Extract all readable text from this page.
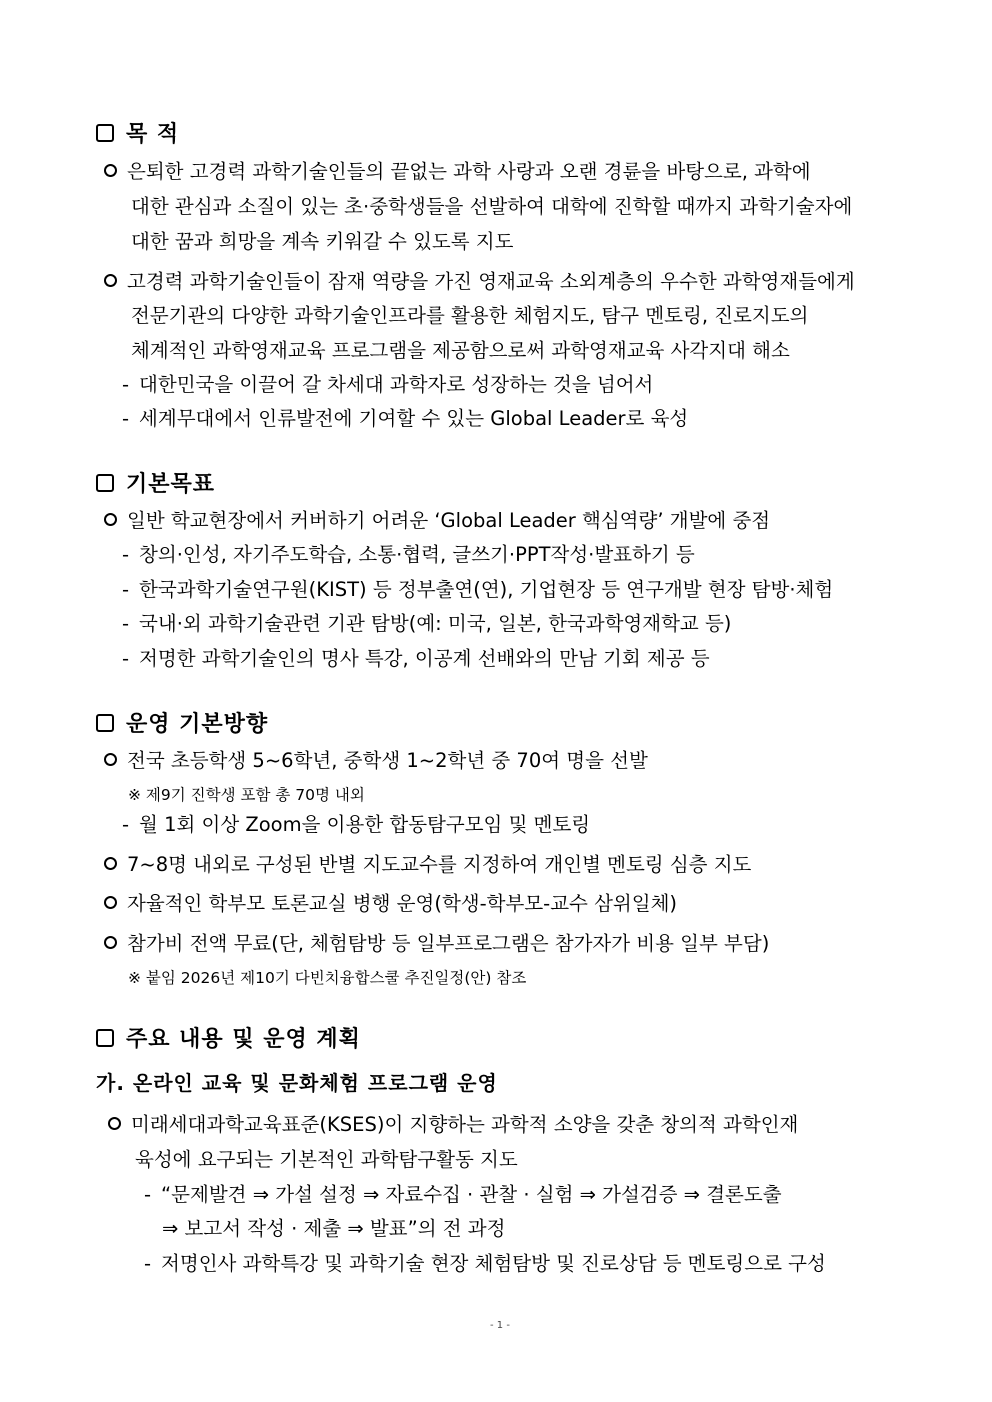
목 적
은퇴한 고경력 과학기술인들의 끝없는 과학 사랑과 오랜 경륜을 바탕으로, 과학에
대한 관심과 소질이 있는 초·중학생들을 선발하여 대학에 진학할 때까지 과학기술자에
대한 꿈과 희망을 계속 키워갈 수 있도록 지도
고경력 과학기술인들이 잠재 역량을 가진 영재교육 소외계층의 우수한 과학영재들에게
전문기관의 다양한 과학기술인프라를 활용한 체험지도, 탐구 멘토링, 진로지도의
체계적인 과학영재교육 프로그램을 제공함으로써 과학영재교육 사각지대 해소
- 대한민국을 이끌어 갈 차세대 과학자로 성장하는 것을 넘어서
- 세계무대에서 인류발전에 기여할 수 있는 Global Leader로 육성
기본목표
일반 학교현장에서 커버하기 어려운 ‘Global Leader 핵심역량’ 개발에 중점
- 창의·인성, 자기주도학습, 소통·협력, 글쓰기·PPT작성·발표하기 등
- 한국과학기술연구원(KIST) 등 정부출연(연), 기업현장 등 연구개발 현장 탐방·체험
- 국내·외 과학기술관련 기관 탐방(예: 미국, 일본, 한국과학영재학교 등)
- 저명한 과학기술인의 명사 특강, 이공계 선배와의 만남 기회 제공 등
운영 기본방향
전국 초등학생 5~6학년, 중학생 1~2학년 중 70여 명을 선발
※ 제9기 진학생 포함 총 70명 내외
- 월 1회 이상 Zoom을 이용한 합동탐구모임 및 멘토링
7~8명 내외로 구성된 반별 지도교수를 지정하여 개인별 멘토링 심층 지도
자율적인 학부모 토론교실 병행 운영(학생-학부모-교수 삼위일체)
참가비 전액 무료(단, 체험탐방 등 일부프로그램은 참가자가 비용 일부 부담)
※ 붙임 2026년 제10기 다빈치융합스쿨 추진일정(안) 참조
주요 내용 및 운영 계획
가. 온라인 교육 및 문화체험 프로그램 운영
미래세대과학교육표준(KSES)이 지향하는 과학적 소양을 갖춘 창의적 과학인재
육성에 요구되는 기본적인 과학탐구활동 지도
- “문제발견 ⇒ 가설 설정 ⇒ 자료수집 · 관찰 · 실험 ⇒ 가설검증 ⇒ 결론도출
⇒ 보고서 작성 · 제출 ⇒ 발표”의 전 과정
- 저명인사 과학특강 및 과학기술 현장 체험탐방 및 진로상담 등 멘토링으로 구성
- 1 -
